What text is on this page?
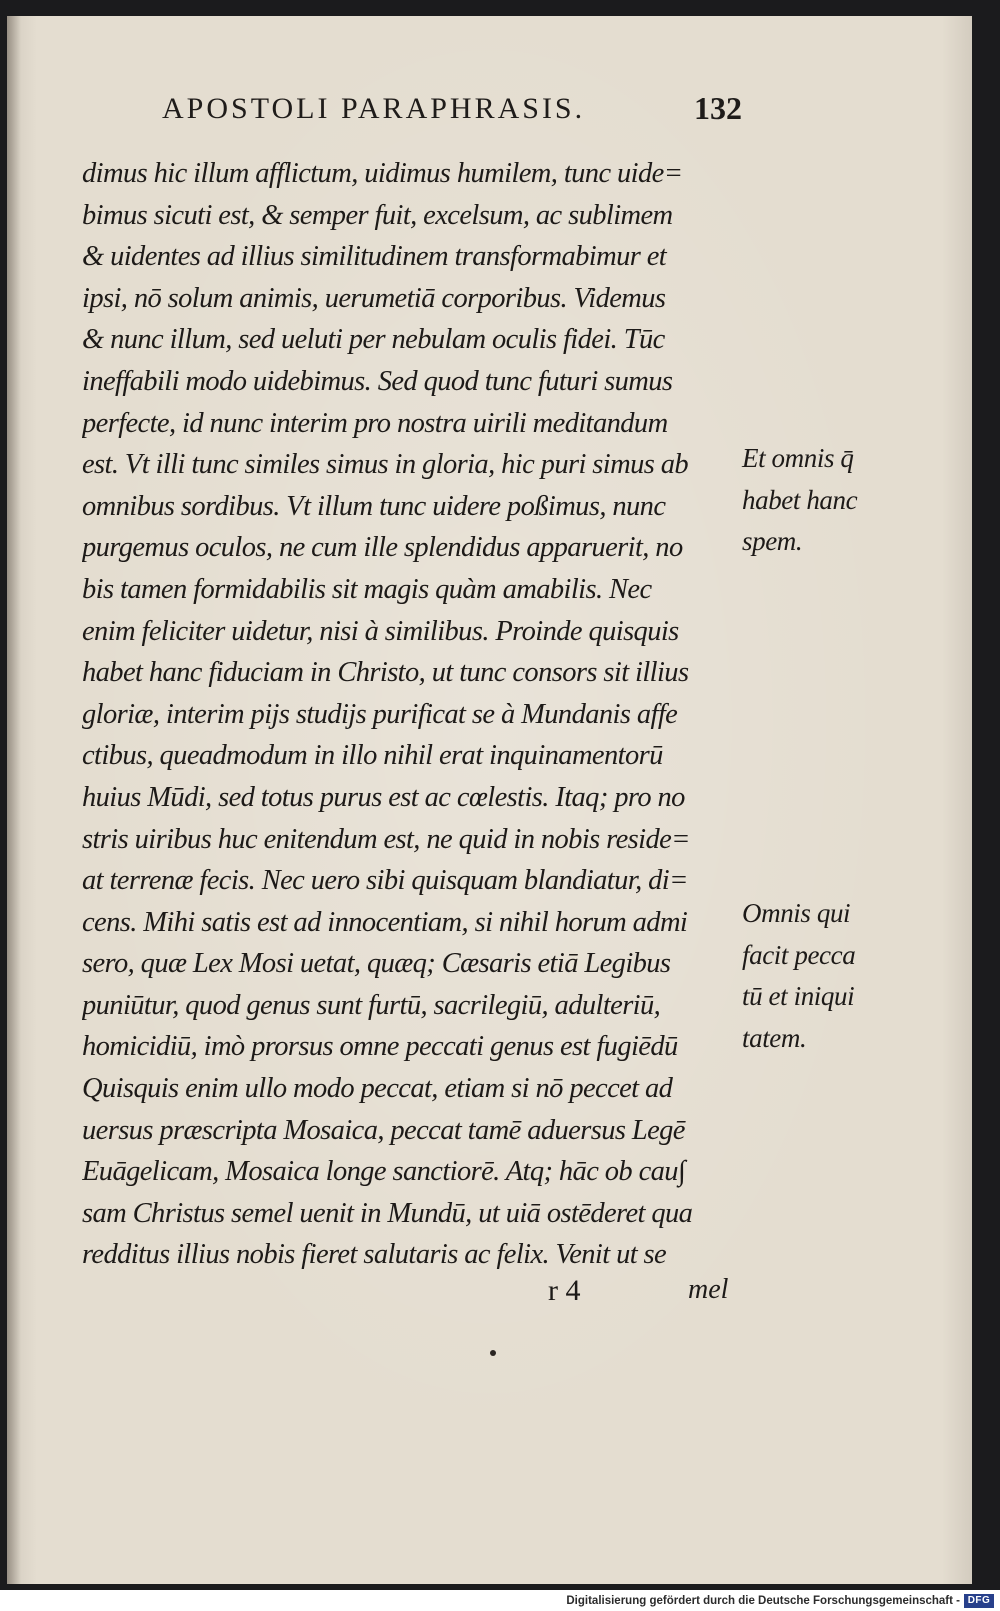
APOSTOLI PARAPHRASIS.	132
dimus hic illum afflictum, uidimus humilem, tunc uide=
bimus sicuti est, & semper fuit, excelsum, ac sublimem
& uidentes ad illius similitudinem transformabimur et
ipsi, nō solum animis, uerumetiā corporibus. Videmus
& nunc illum, sed ueluti per nebulam oculis fidei. Tūc
ineffabili modo uidebimus. Sed quod tunc futuri sumus
perfecte, id nunc interim pro nostra uirili meditandum
est. Vt illi tunc similes simus in gloria, hic puri simus ab
omnibus sordibus. Vt illum tunc uidere poßimus, nunc
purgemus oculos, ne cum ille splendidus apparuerit, no
bis tamen formidabilis sit magis quàm amabilis. Nec
enim feliciter uidetur, nisi à similibus. Proinde quisquis
habet hanc fiduciam in Christo, ut tunc consors sit illius
gloriæ, interim pijs studijs purificat se à Mundanis affe
ctibus, queadmodum in illo nihil erat inquinamentorū
huius Mūdi, sed totus purus est ac cœlestis. Itaq; pro no
stris uiribus huc enitendum est, ne quid in nobis reside=
at terrenæ fecis. Nec uero sibi quisquam blandiatur, di=
cens. Mihi satis est ad innocentiam, si nihil horum admi
sero, quæ Lex Mosi uetat, quæq; Cæsaris etiā Legibus
puniūtur, quod genus sunt furtū, sacrilegiū, adulteriū,
homicidiū, imò prorsus omne peccati genus est fugiēdū
Quisquis enim ullo modo peccat, etiam si nō peccet ad
uersus præscripta Mosaica, peccat tamē aduersus Legē
Euāgelicam, Mosaica longe sanctiorē. Atq; hāc ob cau∫
sam Christus semel uenit in Mundū, ut uiā ostēderet qua
redditus illius nobis fieret salutaris ac felix. Venit ut se
Et omnis q̄
habet hanc
spem.
Omnis qui
facit pecca
tū et iniqui
tatem.
r 4	mel
Digitalisierung gefördert durch die Deutsche Forschungsgemeinschaft - DFG
